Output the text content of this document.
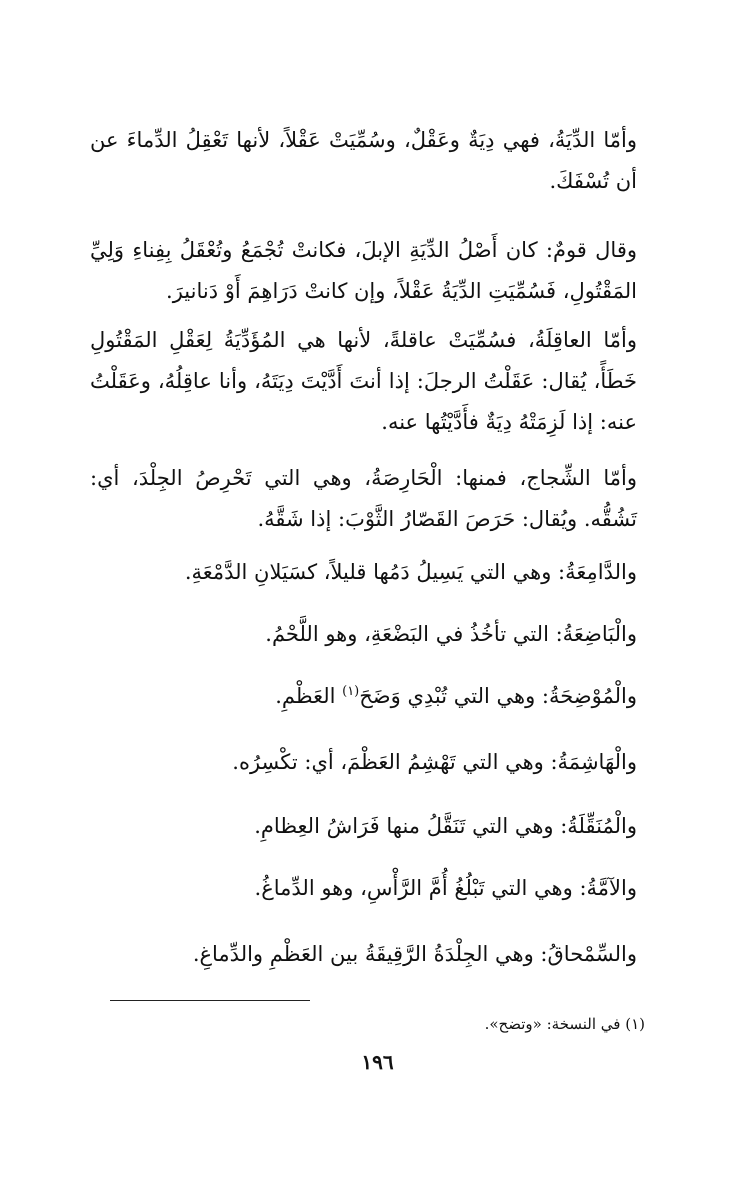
وأمّا الدِّيَةُ، فهي دِيَةٌ وعَقْلٌ، وسُمِّيَتْ عَقْلاً، لأنها تَعْقِلُ الدِّماءَ عن أن تُسْفَكَ.

وقال قومٌ: كان أَصْلُ الدِّيَةِ الإبلَ، فكانتْ تُجْمَعُ وتُعْقَلُ بِفِناءِ وَلِيِّ المَقْتُولِ، فَسُمِّيَتِ الدِّيَةُ عَقْلاً، وإن كانتْ دَرَاهِمَ أَوْ دَنانيرَ.

وأمّا العاقِلَةُ، فسُمِّيَتْ عاقلةً، لأنها هي المُؤَدِّيَةُ لِعَقْلِ المَقْتُولِ خَطَأً، يُقال: عَقَلْتُ الرجلَ: إذا أنتَ أَدَّيْتَ دِيَتَهُ، وأنا عاقِلُهُ، وعَقَلْتُ عنه: إذا لَزِمَتْهُ دِيَةٌ فأَدَّيْتُها عنه.

وأمّا الشِّجاج، فمنها: الْحَارِصَةُ، وهي التي تَحْرِصُ الجِلْدَ، أي: تَشُقُّه. ويُقال: حَرَصَ القَصّارُ الثَّوْبَ: إذا شَقَّهُ.

والدَّامِعَةُ: وهي التي يَسِيلُ دَمُها قليلاً، كسَيَلانِ الدَّمْعَةِ.
والْبَاضِعَةُ: التي تأخُذُ في البَضْعَةِ، وهو اللَّحْمُ.
والْمُوْضِحَةُ: وهي التي تُبْدِي وَضَحَ$^{(١)}$ العَظْمِ.
والْهَاشِمَةُ: وهي التي تَهْشِمُ العَظْمَ، أي: تكْسِرُه.
والْمُنَقِّلَةُ: وهي التي تَنَقَّلُ منها فَرَاشُ العِظامِ.
والآمَّةُ: وهي التي تَبْلُغُ أُمَّ الرَّأْسِ، وهو الدِّماغُ.
والسِّمْحاقُ: وهي الجِلْدَةُ الرَّقِيقَةُ بين العَظْمِ والدِّماغِ.
(١) في النسخة: «وتضح».
١٩٦
